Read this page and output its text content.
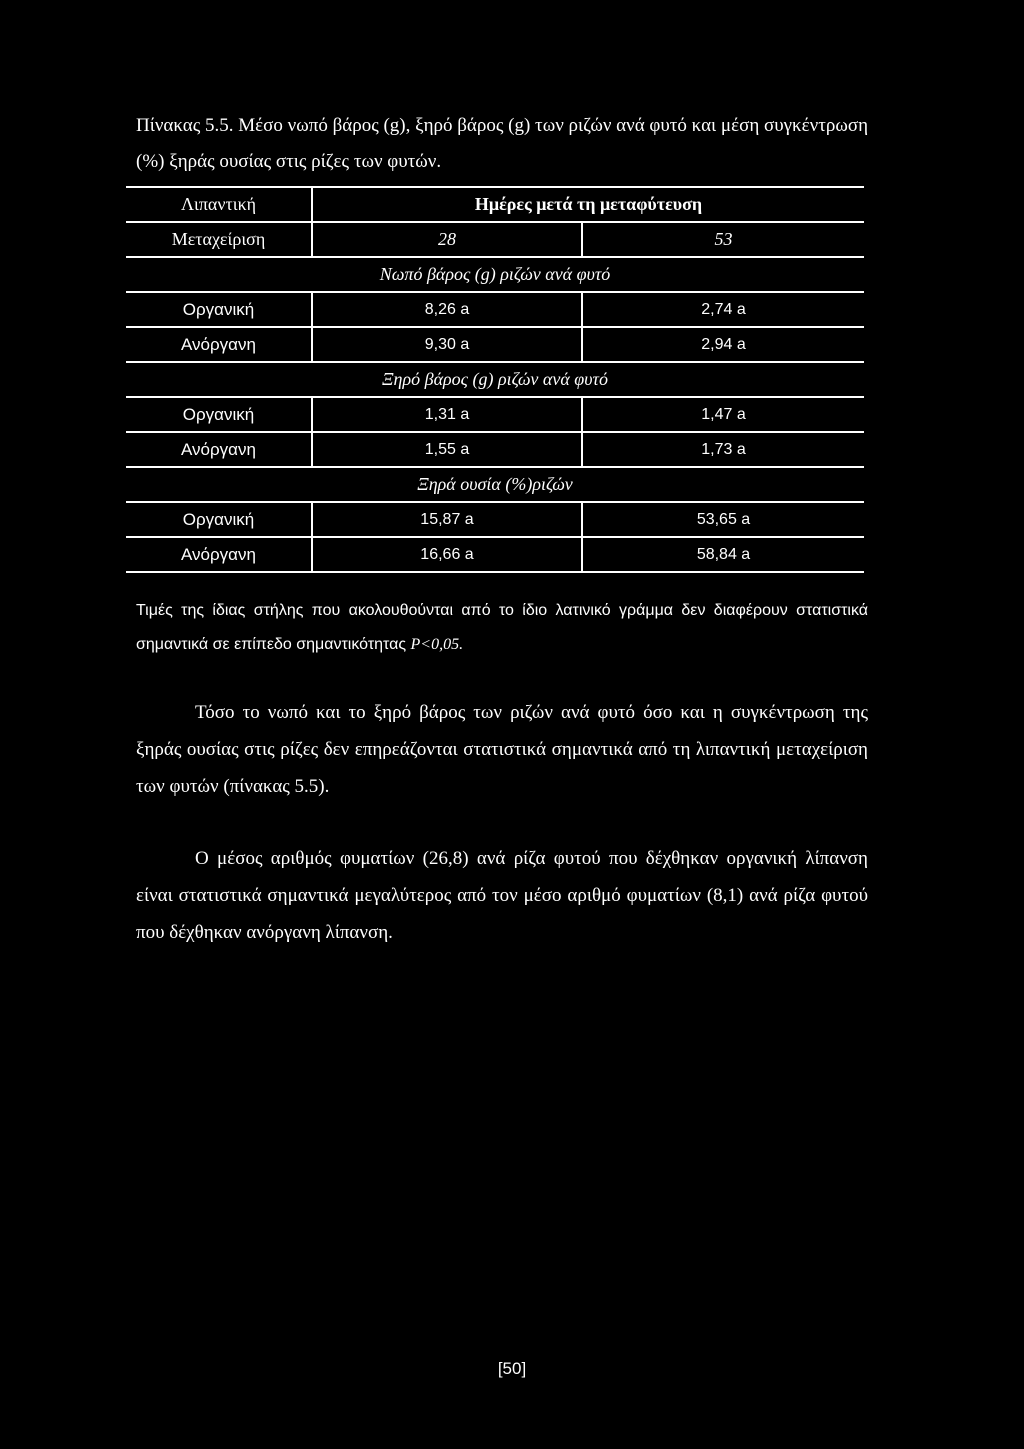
Πίνακας 5.5. Μέσο νωπό βάρος (g), ξηρό βάρος (g) των ριζών ανά φυτό και μέση συγκέντρωση (%) ξηράς ουσίας στις ρίζες των φυτών.
Λιπαντική	Ημέρες μετά τη μεταφύτευση	
Μεταχείριση	28	53
Νωπό βάρος (g) ριζών ανά φυτό		
Οργανική	8,26 a	2,74 a
Ανόργανη	9,30 a	2,94 a
Ξηρό βάρος (g) ριζών ανά φυτό		
Οργανική	1,31 a	1,47 a
Ανόργανη	1,55 a	1,73 a
Ξηρά ουσία (%)ριζών		
Οργανική	15,87 a	53,65 a
Ανόργανη	16,66 a	58,84 a
Τιμές της ίδιας στήλης που ακολουθούνται από το ίδιο λατινικό γράμμα δεν διαφέρουν στατιστικά σημαντικά σε επίπεδο σημαντικότητας P<0,05.
Τόσο το νωπό και το ξηρό βάρος των ριζών ανά φυτό όσο και η συγκέντρωση της ξηράς ουσίας στις ρίζες δεν επηρεάζονται στατιστικά σημαντικά από τη λιπαντική μεταχείριση των φυτών (πίνακας 5.5).
Ο μέσος αριθμός φυματίων (26,8) ανά ρίζα φυτού που δέχθηκαν οργανική λίπανση είναι στατιστικά σημαντικά μεγαλύτερος από τον μέσο αριθμό φυματίων (8,1) ανά ρίζα φυτού που δέχθηκαν ανόργανη λίπανση.
[50]
